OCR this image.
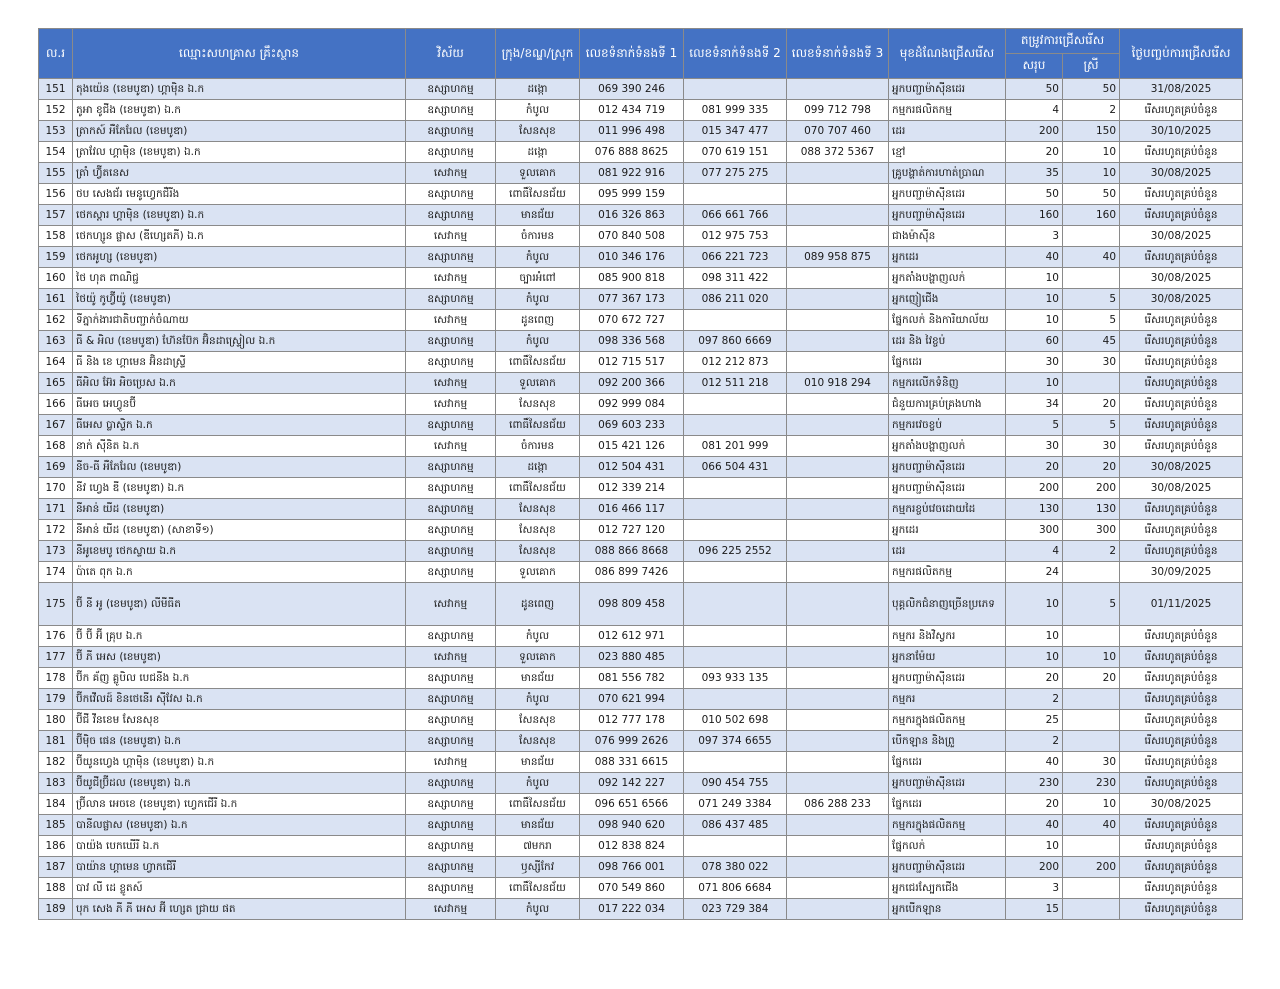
ល.រ	ឈ្មោះសហគ្រាស គ្រឹះស្ថាន	វិស័យ	ក្រុង/ខណ្ឌ/ស្រុក	លេខទំនាក់ទំនងទី 1	លេខទំនាក់ទំនងទី 2	លេខទំនាក់ទំនងទី 3	មុខដំណែងជ្រើសរើស	តម្រូវការជ្រើសរើស		ថ្ងៃបញ្ចប់ការជ្រើសរើស
								សរុប	ស្រី	
151	តុងយ៉េន (ខេមបូឌា) ហ្គាម៉ិន ឯ.ក	ឧស្សាហកម្ម	ដង្កោ	069 390 246			អ្នកបញ្ជាម៉ាស៊ីនដេរ	50	50	31/08/2025
152	តូអា ខូជីង (ខេមបូឌា) ឯ.ក	ឧស្សាហកម្ម	កំបូល	012 434 719	081 999 335	099 712 798	កម្មករផលិតកម្ម	4	2	រើសរហូតគ្រប់ចំនួន
153	ត្រាកស៍ អឺភែរែល (ខេមបូឌា)	ឧស្សាហកម្ម	សែនសុខ	011 996 498	015 347 477	070 707 460	ដេរ	200	150	30/10/2025
154	ត្រាវែល ហ្គាម៉ិន (ខេមបូឌា) ឯ.ក	ឧស្សាហកម្ម	ដង្កោ	076 888 8625	070 619 151	088 372 5367	ខ្មៅ	20	10	រើសរហូតគ្រប់ចំនួន
155	ត្រាំ ហ្វ៊ីតនេស	សេវាកម្ម	ទួលគោក	081 922 916	077 275 275		គ្រូបង្ហាត់ការហាត់ប្រាណ	35	10	30/08/2025
156	ថប សេងជ័រ មេនូហ្វេកជឺរីង	ឧស្សាហកម្ម	ពោធិ៍សែនជ័យ	095 999 159			អ្នកបញ្ជាម៉ាស៊ីនដេរ	50	50	រើសរហូតគ្រប់ចំនួន
157	ថេកស្តារ ហ្គាម៉ិន (ខេមបូឌា) ឯ.ក	ឧស្សាហកម្ម	មានជ័យ	016 326 863	066 661 766		អ្នកបញ្ជាម៉ាស៊ីនដេរ	160	160	រើសរហូតគ្រប់ចំនួន
158	ថេកហ្សូន ផ្លាស (ឌីហ្សេតភី) ឯ.ក	សេវាកម្ម	ចំការមន	070 840 508	012 975 753		ជាងម៉ាស៊ីន	3		30/08/2025
159	ថេកអូហ្ស (ខេមបូឌា)	ឧស្សាហកម្ម	កំបូល	010 346 176	066 221 723	089 958 875	អ្នកដេរ	40	40	រើសរហូតគ្រប់ចំនួន
160	ថៃ ហុត ពាណិជ្ជ	សេវាកម្ម	ច្បារអំពៅ	085 900 818	098 311 422		អ្នកតាំងបង្ហាញលក់	10		30/08/2025
161	ថៃយ៉ូ កូហ្វ៊ីយ៉ូ (ខេមបូឌា)	ឧស្សាហកម្ម	កំបូល	077 367 173	086 211 020		អ្នកញៀជើង	10	5	30/08/2025
162	ទីភ្នាក់ងារជាតិបញ្ជាក់ចំណាយ	សេវាកម្ម	ដូនពេញ	070 672 727			ផ្នែកលក់ និងការិយាល័យ	10	5	រើសរហូតគ្រប់ចំនួន
163	ធី & អិល (ខេមបូឌា) ហ៊ែនប៊ែក អ៊ិនដាស្ទ្រៀល ឯ.ក	ឧស្សាហកម្ម	កំបូល	098 336 568	097 860 6669		ដេរ និង វៃខ្ចប់	60	45	រើសរហូតគ្រប់ចំនួន
164	ធី និង ខេ ហ្គាមេន អ៊ិនដាស្ទ្រី	ឧស្សាហកម្ម	ពោធិ៍សែនជ័យ	012 715 517	012 212 873		ផ្នែកដេរ	30	30	រើសរហូតគ្រប់ចំនួន
165	ធីអិល អ៊ែរ អិចប្រេស ឯ.ក	សេវាកម្ម	ទួលគោក	092 200 366	012 511 218	010 918 294	កម្មករលើកទំនិញ	10		រើសរហូតគ្រប់ចំនួន
166	ធីអេច អេហ្វូនប៊ី	សេវាកម្ម	សែនសុខ	092 999 084			ជំនួយការគ្រប់គ្រងហាង	34	20	រើសរហូតគ្រប់ចំនួន
167	ធីអេស ប្លាស្ទិក ឯ.ក	ឧស្សាហកម្ម	ពោធិ៍សែនជ័យ	069 603 233			កម្មករវេចខ្ចប់	5	5	រើសរហូតគ្រប់ចំនួន
168	នាក់ ស៊ីនិត ឯ.ក	សេវាកម្ម	ចំការមន	015 421 126	081 201 999		អ្នកតាំងបង្ហាញលក់	30	30	រើសរហូតគ្រប់ចំនួន
169	នីច-ធី អឺភែរែល (ខេមបូឌា)	ឧស្សាហកម្ម	ដង្កោ	012 504 431	066 504 431		អ្នកបញ្ជាម៉ាស៊ីនដេរ	20	20	30/08/2025
170	នីវ ហ្វេង ឌី (ខេមបូឌា) ឯ.ក	ឧស្សាហកម្ម	ពោធិ៍សែនជ័យ	012 339 214			អ្នកបញ្ជាម៉ាស៊ីនដេរ	200	200	30/08/2025
171	នីអាន់ យីដ (ខេមបូឌា)	ឧស្សាហកម្ម	សែនសុខ	016 466 117			កម្មករខ្ចប់វេចដោយដៃ	130	130	រើសរហូតគ្រប់ចំនួន
172	នីអាន់ យីដ (ខេមបូឌា) (សាខាទី១)	ឧស្សាហកម្ម	សែនសុខ	012 727 120			អ្នកដេរ	300	300	រើសរហូតគ្រប់ចំនួន
173	នីអូខេមបូ ថេកស្ទាយ ឯ.ក	ឧស្សាហកម្ម	សែនសុខ	088 866 8668	096 225 2552		ដេរ	4	2	រើសរហូតគ្រប់ចំនួន
174	ប៉ាតេ ពុក ឯ.ក	ឧស្សាហកម្ម	ទួលគោក	086 899 7426			កម្មករផលិតកម្ម	24		30/09/2025
175	ប៊ី នី អូ (ខេមបូឌា) លីមីធីត	សេវាកម្ម	ដូនពេញ	098 809 458			បុគ្គលិកជំនាញច្រើនប្រភេទ	10	5	01/11/2025
176	ប៊ី ប៊ី អ៊ី គ្រុប ឯ.ក	ឧស្សាហកម្ម	កំបូល	012 612 971			កម្មករ និងវិស្វករ	10		រើសរហូតគ្រប់ចំនួន
177	ប៊ី ភី អេស (ខេមបូឌា)	សេវាកម្ម	ទួលគោក	023 880 485			អ្នកនាម៉ែយ	10	10	រើសរហូតគ្រប់ចំនួន
178	ប៊ីក គ័ញ គ្លូបិល បេជនីង ឯ.ក	ឧស្សាហកម្ម	មានជ័យ	081 556 782	093 933 135		អ្នកបញ្ជាម៉ាស៊ីនដេរ	20	20	រើសរហូតគ្រប់ចំនួន
179	ប៊ីកវើលដ៍ ខិនថេនើរ ស៊ីវែស ឯ.ក	ឧស្សាហកម្ម	កំបូល	070 621 994			កម្មករ	2		រើសរហូតគ្រប់ចំនួន
180	ប៊ីជី វីនខេម សែនសុខ	ឧស្សាហកម្ម	សែនសុខ	012 777 178	010 502 698		កម្មករក្នុងផលិតកម្ម	25		រើសរហូតគ្រប់ចំនួន
181	ប៊ីម៉ិច ផេន (ខេមបូឌា) ឯ.ក	ឧស្សាហកម្ម	សែនសុខ	076 999 2626	097 374 6655		បើកឡាន និងព្រួ	2		រើសរហូតគ្រប់ចំនួន
182	ប៊ីយូនហ្វេង ហ្គាម៉ិន (ខេមបូឌា) ឯ.ក	សេវាកម្ម	មានជ័យ	088 331 6615			ផ្នែកដេរ	40	30	រើសរហូតគ្រប់ចំនួន
183	ប៊ីយូជីប្រ៊ីដល (ខេមបូឌា) ឯ.ក	ឧស្សាហកម្ម	កំបូល	092 142 227	090 454 755		អ្នកបញ្ជាម៉ាស៊ីនដេរ	230	230	រើសរហូតគ្រប់ចំនួន
184	ប្រ៊ីលាន អេចខេ (ខេមបូឌា) ហ្វេកជើរី ឯ.ក	ឧស្សាហកម្ម	ពោធិ៍សែនជ័យ	096 651 6566	071 249 3384	086 288 233	ផ្នែកដេរ	20	10	30/08/2025
185	បានីលផ្លាស (ខេមបូឌា) ឯ.ក	ឧស្សាហកម្ម	មានជ័យ	098 940 620	086 437 485		កម្មករក្នុងផលិតកម្ម	40	40	រើសរហូតគ្រប់ចំនួន
186	បាយ៉ង បេកឃើរី ឯ.ក	ឧស្សាហកម្ម	៧មករា	012 838 824			ផ្នែកលក់	10		រើសរហូតគ្រប់ចំនួន
187	បាយ៉ាន ហ្គាមេន ហ្វាកជើរី	ឧស្សាហកម្ម	ឫស្សីកែវ	098 766 001	078 380 022		អ្នកបញ្ជាម៉ាស៊ីនដេរ	200	200	រើសរហូតគ្រប់ចំនួន
188	បាវ លី ដេ ខ្លូតស៍	ឧស្សាហកម្ម	ពោធិ៍សែនជ័យ	070 549 860	071 806 6684		អ្នកជេរស្បែកជើង	3		រើសរហូតគ្រប់ចំនួន
189	បុក សេង ភី ភី អេស អ៊ី ហ្សេត ជ្រាយ ផត	សេវាកម្ម	កំបូល	017 222 034	023 729 384		អ្នកបើកឡាន	15		រើសរហូតគ្រប់ចំនួន
